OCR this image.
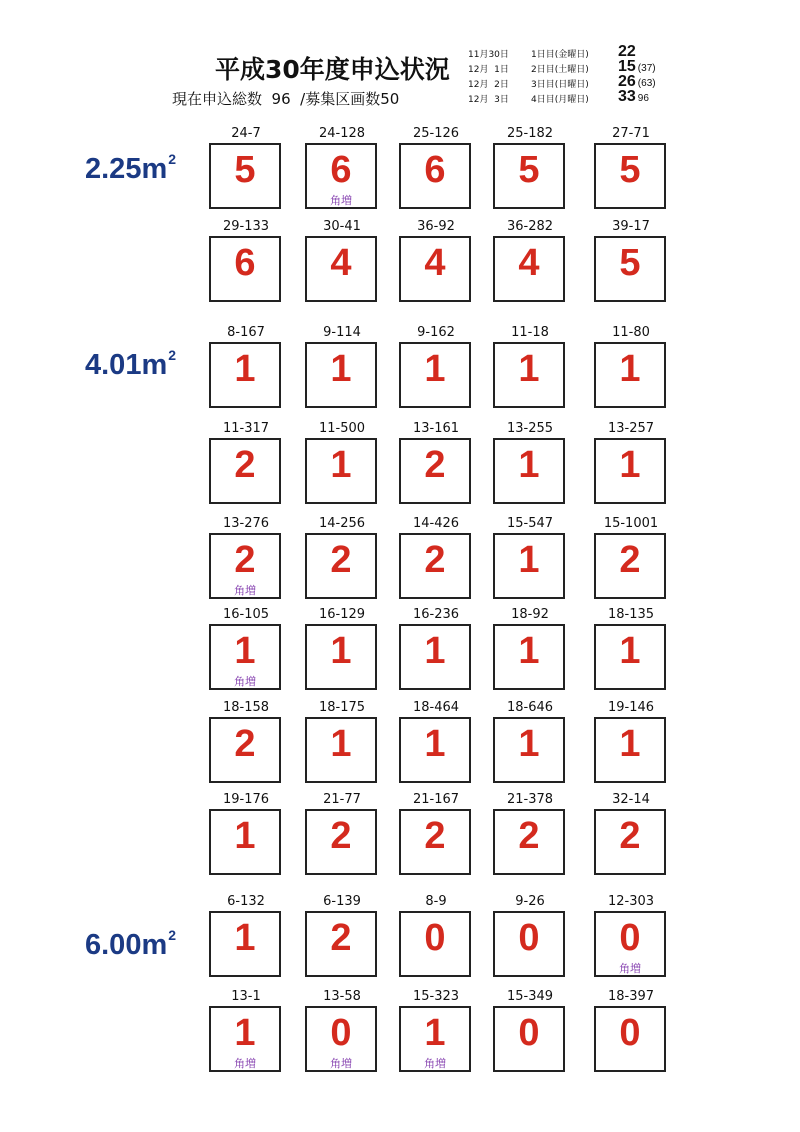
平成30年度申込状況
現在申込総数  96  /募集区画数50
11月30日 1日目(金曜日) 22
12月  1日 2日目(土曜日) 15 (37)
12月  2日 3日目(日曜日) 26 (63)
12月  3日 4日目(月曜日) 33 96
$2.25m^2$
24-7
5
24-128
6
角増
25-126
6
25-182
5
27-71
5
29-133
6
30-41
4
36-92
4
36-282
4
39-17
5
$4.01m^2$
8-167
1
9-114
1
9-162
1
11-18
1
11-80
1
11-317
2
11-500
1
13-161
2
13-255
1
13-257
1
13-276
2
角増
14-256
2
14-426
2
15-547
1
15-1001
2
16-105
1
角増
16-129
1
16-236
1
18-92
1
18-135
1
18-158
2
18-175
1
18-464
1
18-646
1
19-146
1
19-176
1
21-77
2
21-167
2
21-378
2
32-14
2
$6.00m^2$
6-132
1
6-139
2
8-9
0
9-26
0
12-303
0
角増
13-1
1
角増
13-58
0
角増
15-323
1
角増
15-349
0
18-397
0
